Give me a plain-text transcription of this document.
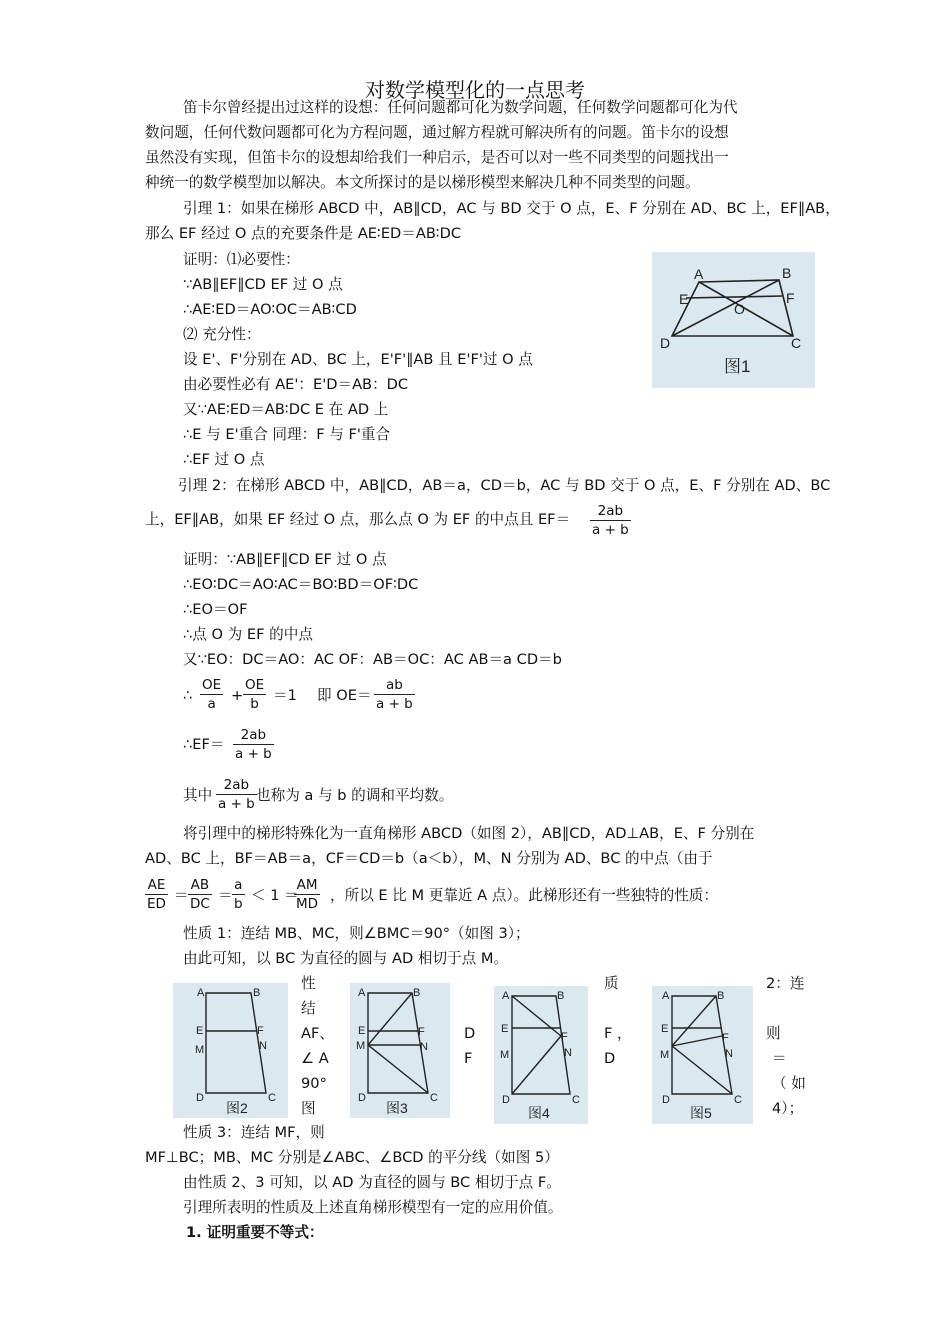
对数学模型化的一点思考
笛卡尔曾经提出过这样的设想：任何问题都可化为数学问题，任何数学问题都可化为代
数问题，任何代数问题都可化为方程问题，通过解方程就可解决所有的问题。笛卡尔的设想
虽然没有实现，但笛卡尔的设想却给我们一种启示，是否可以对一些不同类型的问题找出一
种统一的数学模型加以解决。本文所探讨的是以梯形模型来解决几种不同类型的问题。
引理 1：如果在梯形 ABCD 中，AB∥CD，AC 与 BD 交于 O 点，E、F 分别在 AD、BC 上，EF∥AB，
那么 EF 经过 O 点的充要条件是 AE∶ED＝AB∶DC
证明：⑴必要性：
∵AB∥EF∥CD EF 过 O 点
∴AE∶ED＝AO∶OC＝AB∶CD
⑵ 充分性：
设 E'、F'分别在 AD、BC 上，E'F'∥AB 且 E'F'过 O 点
由必要性必有 AE'：E'D＝AB：DC
又∵AE∶ED＝AB∶DC E 在 AD 上
∴E 与 E'重合 同理：F 与 F'重合
∴EF 过 O 点
A	B
E	F
O
D	C
图1
引理 2：在梯形 ABCD 中，AB∥CD，AB＝a，CD＝b，AC 与 BD 交于 O 点，E、F 分别在 AD、BC
上，EF∥AB，如果 EF 经过 O 点，那么点 O 为 EF 的中点且 $EF= \frac{2ab}{a + b}$
证明：∵AB∥EF∥CD EF 过 O 点
∴EO∶DC＝AO∶AC＝BO∶BD＝OF∶DC
∴EO＝OF
∴点 O 为 EF 的中点
又∵EO：DC＝AO：AC OF：AB＝OC：AC AB＝a CD＝b
∴ $\frac{OE}{a} + \frac{OE}{b} =1$ 即 $OE= \frac{ab}{a + b}$
∴EF＝ $\frac{2ab}{a + b}$
其中 $\frac{2ab}{a + b}$ 也称为 a 与 b 的调和平均数。
将引理中的梯形特殊化为一直角梯形 ABCD（如图 2），AB∥CD，AD⊥AB，E、F 分别在
AD、BC 上，BF＝AB＝a，CF＝CD＝b（a＜b），M、N 分别为 AD、BC 的中点（由于
$\frac{AE}{ED} = \frac{AB}{DC} = \frac{a}{b} < 1$ ＝
$\frac{AM}{MD}$ ，所以 E 比 M 更靠近 A 点）。此梯形还有一些独特的性质：
性质 1：连结 MB、MC，则∠BMC＝90°（如图 3）；
由此可知，以 BC 为直径的圆与 AD 相切于点 M。
A	B
E	F
M	N
D	C
图2
A	B
E	F
M	N
D	C
图3
A	B
E
F
M	N
D	C
图4
A	B
E
F
M	N
D	C
图5
性
结
AF、
∠ A
90°
图
D
F
质
F ，
D
2：连
则
＝
（ 如
4）；
性质 3：连结 MF，则
MF⊥BC；MB、MC 分别是∠ABC、∠BCD 的平分线（如图 5）
由性质 2、3 可知，以 AD 为直径的圆与 BC 相切于点 F。
引理所表明的性质及上述直角梯形模型有一定的应用价值。
1. 证明重要不等式：
